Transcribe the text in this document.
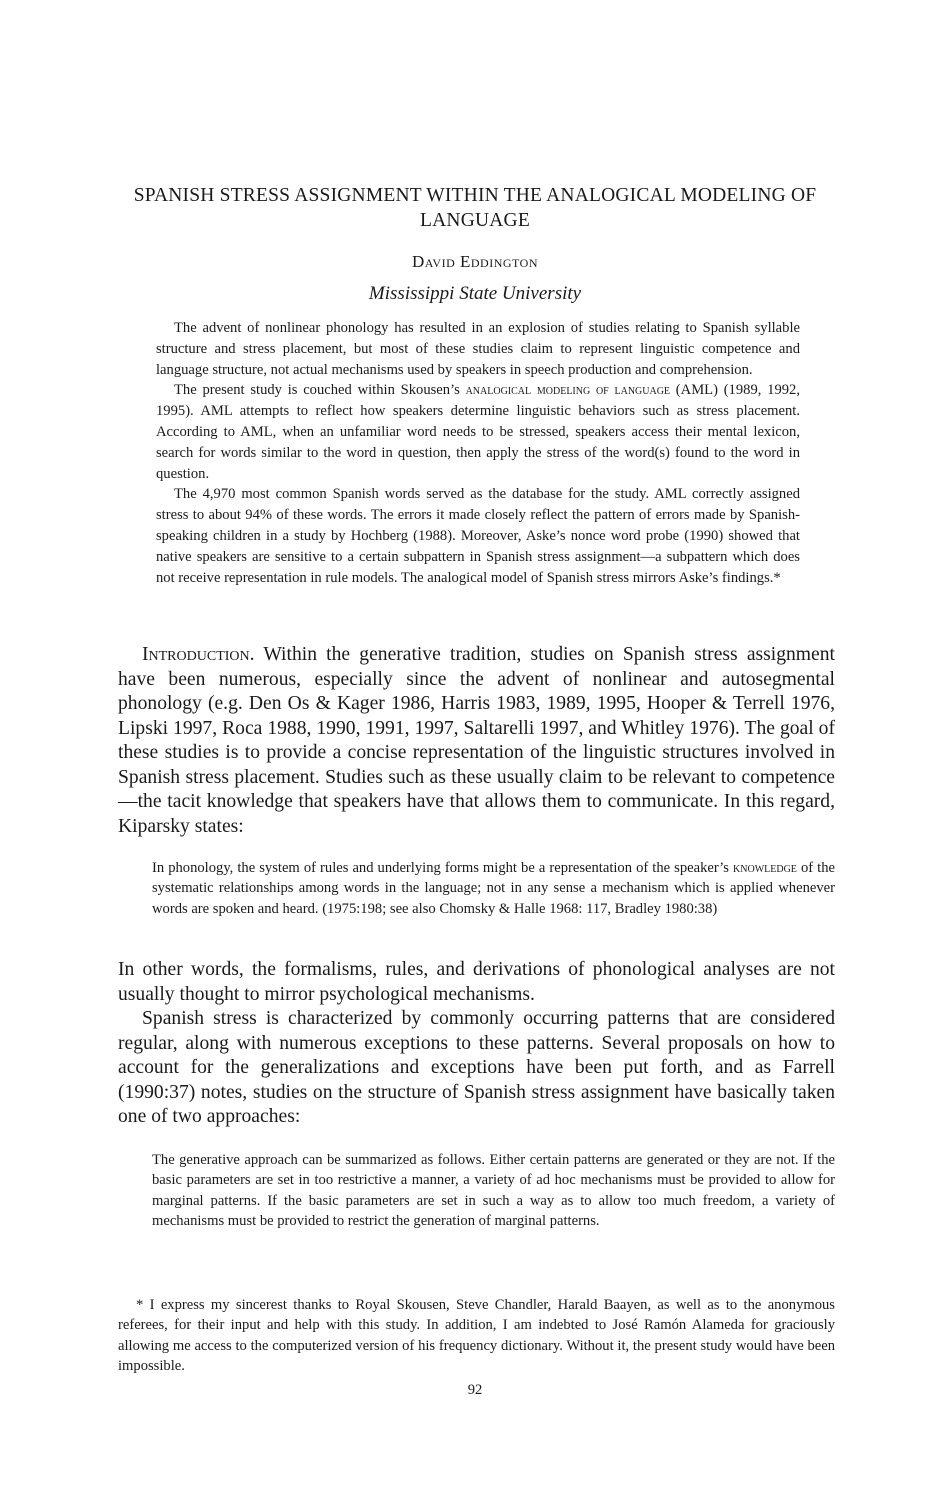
SPANISH STRESS ASSIGNMENT WITHIN THE ANALOGICAL MODELING OF LANGUAGE
David Eddington
Mississippi State University

The advent of nonlinear phonology has resulted in an explosion of studies relating to Spanish syllable structure and stress placement, but most of these studies claim to represent linguistic competence and language structure, not actual mechanisms used by speakers in speech production and comprehension.

The present study is couched within Skousen’s analogical modeling of language (AML) (1989, 1992, 1995). AML attempts to reflect how speakers determine linguistic behaviors such as stress placement. According to AML, when an unfamiliar word needs to be stressed, speakers access their mental lexicon, search for words similar to the word in question, then apply the stress of the word(s) found to the word in question.

The 4,970 most common Spanish words served as the database for the study. AML correctly assigned stress to about 94% of these words. The errors it made closely reflect the pattern of errors made by Spanish-speaking children in a study by Hochberg (1988). Moreover, Aske’s nonce word probe (1990) showed that native speakers are sensitive to a certain subpattern in Spanish stress assignment—a subpattern which does not receive representation in rule models. The analogical model of Spanish stress mirrors Aske’s findings.*

Introduction. Within the generative tradition, studies on Spanish stress assignment have been numerous, especially since the advent of nonlinear and autosegmental phonology (e.g. Den Os & Kager 1986, Harris 1983, 1989, 1995, Hooper & Terrell 1976, Lipski 1997, Roca 1988, 1990, 1991, 1997, Saltarelli 1997, and Whitley 1976). The goal of these studies is to provide a concise representation of the linguistic structures involved in Spanish stress placement. Studies such as these usually claim to be relevant to competence—the tacit knowledge that speakers have that allows them to communicate. In this regard, Kiparsky states:

In phonology, the system of rules and underlying forms might be a representation of the speaker’s knowledge of the systematic relationships among words in the language; not in any sense a mechanism which is applied whenever words are spoken and heard. (1975:198; see also Chomsky & Halle 1968: 117, Bradley 1980:38)

In other words, the formalisms, rules, and derivations of phonological analyses are not usually thought to mirror psychological mechanisms.

Spanish stress is characterized by commonly occurring patterns that are considered regular, along with numerous exceptions to these patterns. Several proposals on how to account for the generalizations and exceptions have been put forth, and as Farrell (1990:37) notes, studies on the structure of Spanish stress assignment have basically taken one of two approaches:

The generative approach can be summarized as follows. Either certain patterns are generated or they are not. If the basic parameters are set in too restrictive a manner, a variety of ad hoc mechanisms must be provided to allow for marginal patterns. If the basic parameters are set in such a way as to allow too much freedom, a variety of mechanisms must be provided to restrict the generation of marginal patterns.

* I express my sincerest thanks to Royal Skousen, Steve Chandler, Harald Baayen, as well as to the anonymous referees, for their input and help with this study. In addition, I am indebted to José Ramón Alameda for graciously allowing me access to the computerized version of his frequency dictionary. Without it, the present study would have been impossible.

92
